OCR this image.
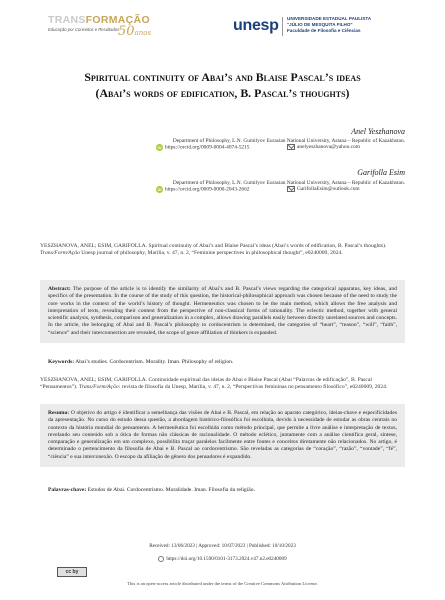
TRANSFORMAÇÃO
Educação por Conceitos e Resultados
50anos	unesp UNIVERSIDADE ESTADUAL PAULISTA
"JÚLIO DE MESQUITA FILHO"
Faculdade de Filosofia e Ciências
Spiritual continuity of Abai’s and Blaise Pascal’s ideas
(Abai’s words of edification, B. Pascal’s thoughts)
Anel Yeszhanova
Department of Philosophy, L.N. Gumilyov Eurasian National University, Astana – Republic of Kazakhstan.
iD https://orcid.org/0009-0004-4074-5215	anelyeszhanova@yahoo.com
Garifolla Esim
Department of Philosophy, L.N. Gumilyov Eurasian National University, Astana – Republic of Kazakhstan.
iD https://orcid.org/0009-0000-2043-2662	GarifollaEsim@outlook.com
YESZHANOVA, ANEL; ESIM, GARIFOLLA. Spiritual continuity of Abai’s and Blaise Pascal’s ideas (Abai’s words of edification, B. Pascal’s thoughts). Trans/Form/Ação Unesp journal of philosophy, Marília, v. 47, n. 2, “Feminine perspectives in philosophical thought”, e0240009, 2024.
Abstract: The purpose of the article is to identify the similarity of Abai’s and B. Pascal’s views regarding the categorical apparatus, key ideas, and specifics of the presentation. In the course of the study of this question, the historical-philosophical approach was chosen because of the need to study the core works in the context of the world’s history of thought. Hermeneutics was chosen to be the main method, which allows the free analysis and interpretation of texts, revealing their content from the perspective of non-classical forms of rationality. The eclectic method, together with general scientific analysis, synthesis, comparison and generalization in a complex, allows drawing parallels easily between directly unrelated sources and concepts. In the article, the belonging of Abai and B. Pascal’s philosophy to cordocentrism is determined, the categories of “heart”, “reason”, “will”, “faith”, “science” and their interconnection are revealed, the scope of genre affiliation of thinkers is expanded.
Keywords: Abai’s studies. Cordocentrism. Morality. Iman. Philosophy of religion.
YESZHANOVA, ANEL; ESIM, GARIFOLLA. Continuidade espiritual das ideias de Abai e Blaise Pascal (Abai “Palavras de edificação”, B. Pascal “Pensamentos”). Trans/Form/Ação: revista de filosofia da Unesp, Marília, v. 47, n. 2, “Perspectivas femininas no pensamento filosófico”, e0240009, 2024.
Resumo: O objetivo do artigo é identificar a semelhança das visões de Abai e B. Pascal, em relação ao aparato categórico, ideias-chave e especificidades da apresentação. No curso do estudo dessa questão, a abordagem histórico-filosófica foi escolhida, devido à necessidade de estudar as obras centrais no contexto da história mundial do pensamento. A hermenêutica foi escolhida como método principal, que permite a livre análise e interpretação de textos, revelando seu conteúdo sob a ótica de formas não clássicas de racionalidade. O método eclético, juntamente com a análise científica geral, síntese, comparação e generalização em um complexo, possibilita traçar paralelos facilmente entre fontes e conceitos diretamente não relacionados. No artigo, é determinado o pertencimento da filosofia de Abai e B. Pascal ao cordocentrismo. São reveladas as categorias de “coração”, “razão”, “vontade”, “fé”, “ciência” e sua interconexão. O escopo da afiliação de gênero dos pensadores é expandido.
Palavras-chave: Estudos de Abai. Cordocentrismo. Moralidade. Iman. Filosofia da religião.
Received: 13/06/2023 | Approved: 10/07/2023 | Published: 10/10/2023
https://doi.org/10.1590/0101-3173.2024.v47.n2.e0240009
cc by
This is an open-access article distributed under the terms of the Creative Commons Attribution License.
